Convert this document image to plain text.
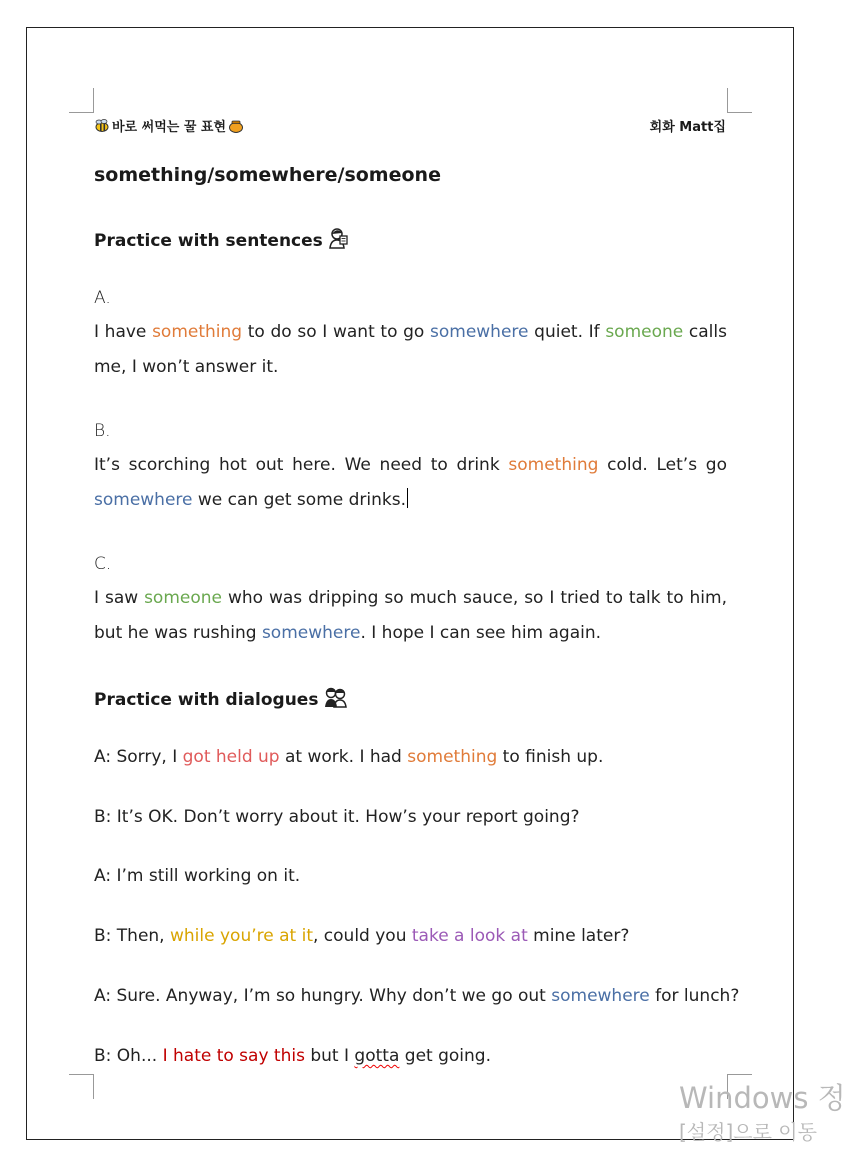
바로 써먹는 꿀 표현	회화 Matt집
something/somewhere/someone
Practice with sentences
A.

I have something to do so I want to go somewhere quiet. If someone calls me, I won’t answer it.

B.

It’s scorching hot out here. We need to drink something cold. Let’s go somewhere we can get some drinks.

C.

I saw someone who was dripping so much sauce, so I tried to talk to him, but he was rushing somewhere. I hope I can see him again.

Practice with dialogues
A: Sorry, I got held up at work. I had something to finish up.
B: It’s OK. Don’t worry about it. How’s your report going?
A: I’m still working on it.
B: Then, while you’re at it, could you take a look at mine later?
A: Sure. Anyway, I’m so hungry. Why don’t we go out somewhere for lunch?
B: Oh... I hate to say this but I gotta get going.
Windows 정
[설정]으로 이동
